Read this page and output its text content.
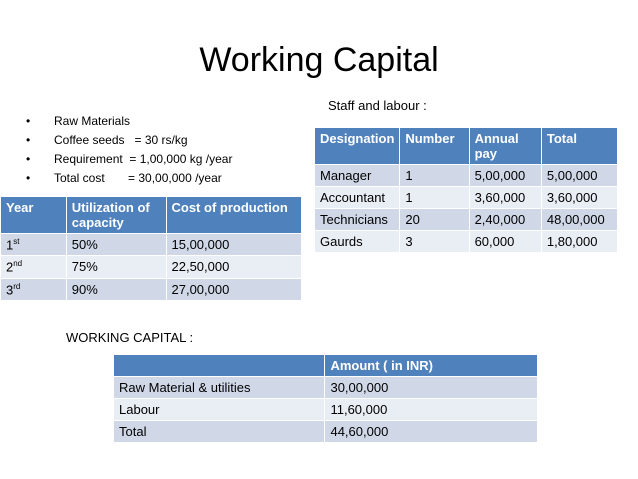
Working Capital
• Raw Materials
• Coffee seeds   = 30 rs/kg
• Requirement  = 1,00,000 kg /year
• Total cost       = 30,00,000 /year
Year	Utilization of capacity	Cost of production
1st	50%	15,00,000
2nd	75%	22,50,000
3rd	90%	27,00,000
Staff and labour :
Designation	Number	Annual pay	Total
Manager	1	5,00,000	5,00,000
Accountant	1	3,60,000	3,60,000
Technicians	20	2,40,000	48,00,000
Gaurds	3	60,000	1,80,000
WORKING CAPITAL :
	Amount ( in INR)
Raw Material & utilities	30,00,000
Labour	11,60,000
Total	44,60,000
